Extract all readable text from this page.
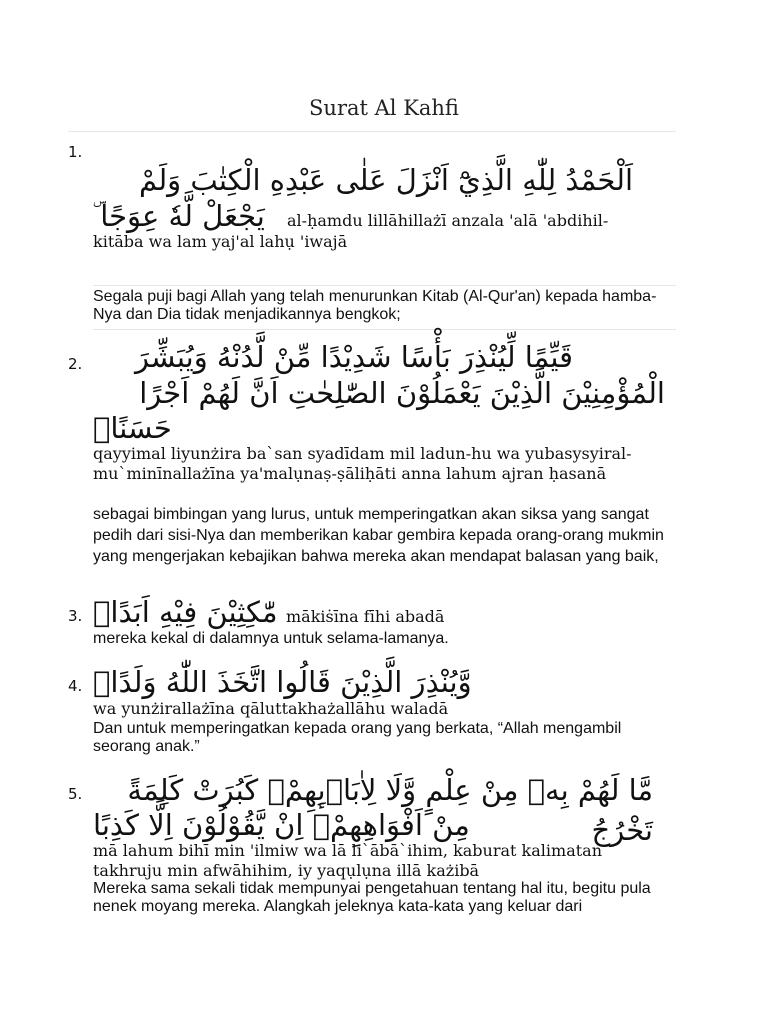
Surat Al Kahfi
1.
اَلْحَمْدُ لِلّٰهِ الَّذِيْٓ اَنْزَلَ عَلٰى عَبْدِهِ الْكِتٰبَ وَلَمْ
يَجْعَلْ لَّهٗ عِوَجًا ۜ	al-ḥamdu lillāhillażī anzala 'alā 'abdihil-
kitāba wa lam yaj'al lahụ 'iwajā
Segala puji bagi Allah yang telah menurunkan Kitab (Al-Qur'an) kepada hamba-Nya dan Dia tidak menjadikannya bengkok;
2.	قَيِّمًا لِّيُنْذِرَ بَأْسًا شَدِيْدًا مِّنْ لَّدُنْهُ وَيُبَشِّرَ
الْمُؤْمِنِيْنَ الَّذِيْنَ يَعْمَلُوْنَ الصّٰلِحٰتِ اَنَّ لَهُمْ اَجْرًا
حَسَنًاۙ
qayyimal liyunżira ba`san syadīdam mil ladun-hu wa yubasysyiral-mu`minīnallażīna ya'malụnaṣ-ṣāliḥāti anna lahum ajran ḥasanā
sebagai bimbingan yang lurus, untuk memperingatkan akan siksa yang sangat pedih dari sisi-Nya dan memberikan kabar gembira kepada orang-orang mukmin yang mengerjakan kebajikan bahwa mereka akan mendapat balasan yang baik,
3. مّٰكِثِيْنَ فِيْهِ اَبَدًاۙ mākiṡīna fīhi abadā
mereka kekal di dalamnya untuk selama-lamanya.
4. وَّيُنْذِرَ الَّذِيْنَ قَالُوا اتَّخَذَ اللّٰهُ وَلَدًاۖ
wa yunżirallażīna qāluttakhażallāhu waladā
Dan untuk memperingatkan kepada orang yang berkata, “Allah mengambil seorang anak.”
5.	مَّا لَهُمْ بِهٖ مِنْ عِلْمٍ وَّلَا لِاٰبَاۤىِٕهِمْۗ كَبُرَتْ كَلِمَةً تَخْرُجُ
مِنْ اَفْوَاهِهِمْۗ اِنْ يَّقُوْلُوْنَ اِلَّا كَذِبًا
mā lahum bihī min 'ilmiw wa lā li`ābā`ihim, kaburat kalimatan takhruju min afwāhihim, iy yaqụlụna illā każibā
Mereka sama sekali tidak mempunyai pengetahuan tentang hal itu, begitu pula nenek moyang mereka. Alangkah jeleknya kata-kata yang keluar dari
